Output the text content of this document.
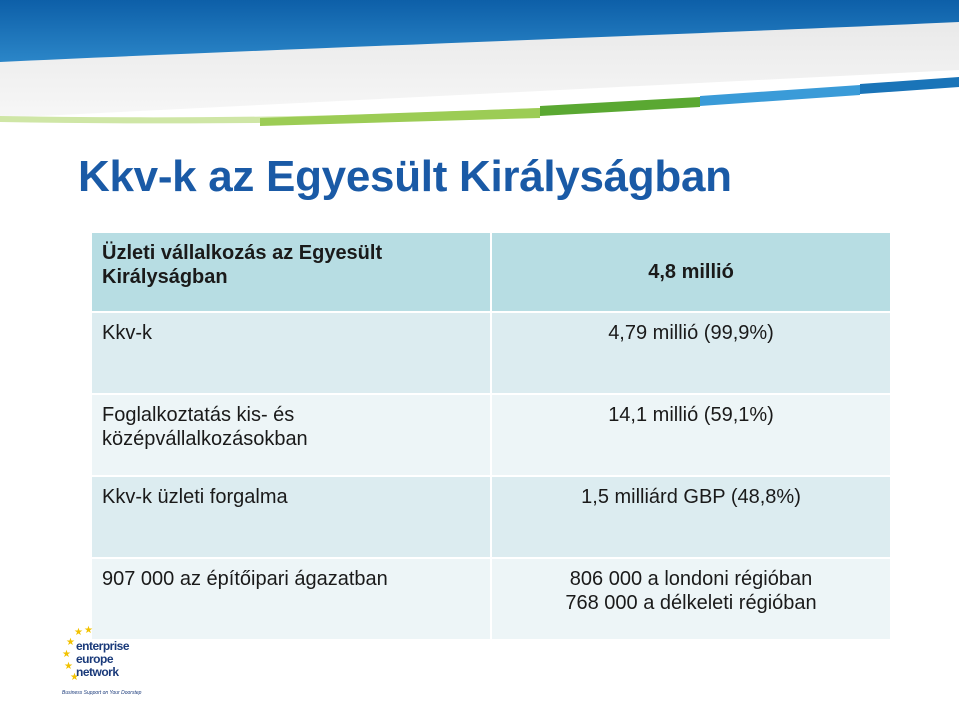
Kkv-k az Egyesült Királyságban
Üzleti vállalkozás az Egyesült Királyságban	4,8 millió
Kkv-k	4,79 millió (99,9%)
Foglalkoztatás kis- és középvállalkozásokban	14,1 millió (59,1%)
Kkv-k üzleti forgalma	1,5 milliárd GBP (48,8%)
907 000 az építőipari ágazatban	806 000 a londoni régióban
768 000 a délkeleti régióban
★
★
★
★
★
★
enterprise
europe
network
Business Support on Your Doorstep
